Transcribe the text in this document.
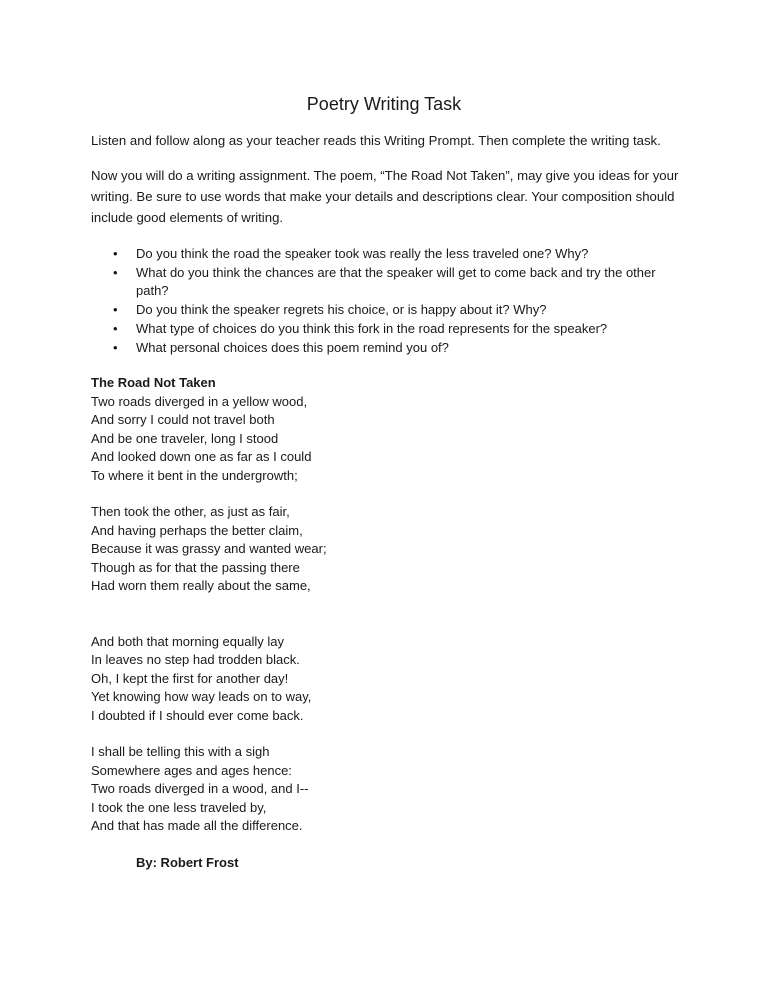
Poetry Writing Task

Listen and follow along as your teacher reads this Writing Prompt. Then complete the writing task.

Now you will do a writing assignment. The poem, “The Road Not Taken”, may give you ideas for your writing. Be sure to use words that make your details and descriptions clear. Your composition should include good elements of writing.

• Do you think the road the speaker took was really the less traveled one? Why?
• What do you think the chances are that the speaker will get to come back and try the other path?
• Do you think the speaker regrets his choice, or is happy about it? Why?
• What type of choices do you think this fork in the road represents for the speaker?
• What personal choices does this poem remind you of?

The Road Not Taken

Two roads diverged in a yellow wood,
And sorry I could not travel both
And be one traveler, long I stood
And looked down one as far as I could
To where it bent in the undergrowth;
Then took the other, as just as fair,
And having perhaps the better claim,
Because it was grassy and wanted wear;
Though as for that the passing there
Had worn them really about the same,
And both that morning equally lay
In leaves no step had trodden black.
Oh, I kept the first for another day!
Yet knowing how way leads on to way,
I doubted if I should ever come back.
I shall be telling this with a sigh
Somewhere ages and ages hence:
Two roads diverged in a wood, and I--
I took the one less traveled by,
And that has made all the difference.
By: Robert Frost
